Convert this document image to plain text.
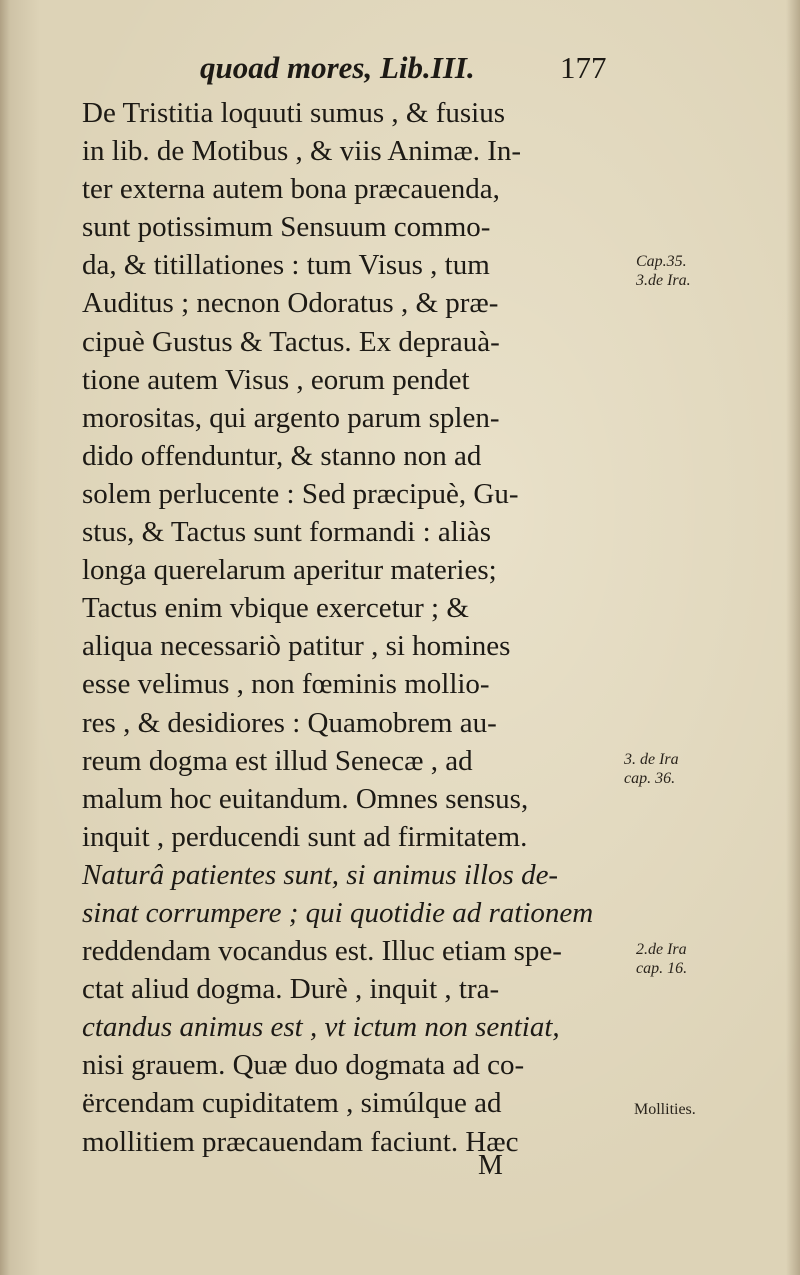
quoad mores, Lib.III.	177
De Tristitia loquuti sumus , & fusius
in lib. de Motibus , & viis Animæ. In-
ter externa autem bona præcauenda,
sunt potissimum Sensuum commo-
da, & titillationes : tum Visus , tum
Auditus ; necnon Odoratus , & præ-
cipuè Gustus & Tactus. Ex deprauà-
tione autem Visus , eorum pendet
morositas, qui argento parum splen-
dido offenduntur, & stanno non ad
solem perlucente : Sed præcipuè, Gu-
stus, & Tactus sunt formandi : aliàs
longa querelarum aperitur materies;
Tactus enim vbique exercetur ; &
aliqua necessariò patitur , si homines
esse velimus , non fœminis mollio-
res , & desidiores : Quamobrem au-
reum dogma est illud Senecæ , ad
malum hoc euitandum. Omnes sensus,
inquit , perducendi sunt ad firmitatem.
Naturâ patientes sunt, si animus illos de-
sinat corrumpere ; qui quotidie ad rationem
reddendam vocandus est. Illuc etiam spe-
ctat aliud dogma. Durè , inquit , tra-
ctandus animus est , vt ictum non sentiat,
nisi grauem. Quæ duo dogmata ad co-
ërcendam cupiditatem , simúlque ad
mollitiem præcauendam faciunt. Hæc
Cap.35.
3.de Ira.
3. de Ira
cap. 36.
2.de Ira
cap. 16.
Mollities.
M
